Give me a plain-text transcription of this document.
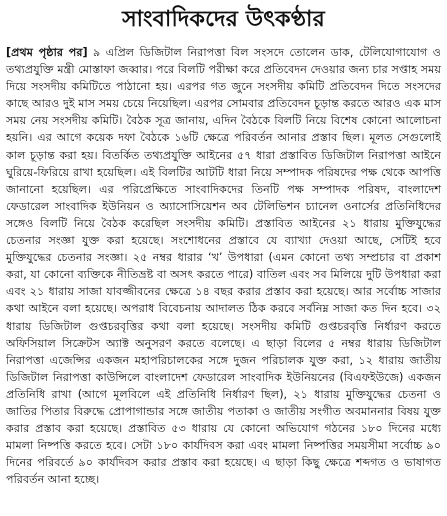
সাংবাদিকদের উৎকণ্ঠার

[প্রথম পৃষ্ঠার পর] ৯ এপ্রিল ডিজিটাল নিরাপত্তা বিল সংসদে তোলেন ডাক, টেলিযোগাযোগ ও তথ্যপ্রযুক্তি মন্ত্রী মোস্তাফা জব্বার। পরে বিলটি পরীক্ষা করে প্রতিবেদন দেওয়ার জন্য চার সপ্তাহ সময় দিয়ে সংসদীয় কমিটিতে পাঠানো হয়। এরপর গত জুনে সংসদীয় কমিটি প্রতিবেদন দিতে সংসদের কাছে আরও দুই মাস সময় চেয়ে নিয়েছিল। এরপর সোমবার প্রতিবেদন চূড়ান্ত করতে আরও এক মাস সময় নেয় সংসদীয় কমিটি। বৈঠক সূত্র জানায়, এদিন বৈঠকে বিলটি নিয়ে বিশেষ কোনো আলোচনা হয়নি। এর আগে কয়েক দফা বৈঠকে ১৬টি ক্ষেত্রে পরিবর্তন আনার প্রস্তাব ছিল। মূলত সেগুলোই কাল চূড়ান্ত করা হয়। বিতর্কিত তথ্যপ্রযুক্তি আইনের ৫৭ ধারা প্রস্তাবিত ডিজিটাল নিরাপত্তা আইনে ঘুরিয়ে-ফিরিয়ে রাখা হয়েছিল। এই বিলটির আটটি ধারা নিয়ে সম্পাদক পরিষদের পক্ষ থেকে আপত্তি জানানো হয়েছিল। এর পরিপ্রেক্ষিতে সাংবাদিকদের তিনটি পক্ষ সম্পাদক পরিষদ, বাংলাদেশ ফেডারেল সাংবাদিক ইউনিয়ন ও অ্যাসোসিয়েশন অব টেলিভিশন চ্যানেল ওনার্সের প্রতিনিধিদের সঙ্গেও বিলটি নিয়ে বৈঠক করেছিল সংসদীয় কমিটি। প্রস্তাবিত আইনের ২১ ধারায় মুক্তিযুদ্ধের চেতনার সংজ্ঞা যুক্ত করা হয়েছে। সংশোধনের প্রস্তাবে যে ব্যাখ্যা দেওয়া আছে, সেটিই হবে মুক্তিযুদ্ধের চেতনার সংজ্ঞা। ২৫ নম্বর ধারার ‘খ’ উপধারা (এমন কোনো তথ্য সম্প্রচার বা প্রকাশ করা, যা কোনো ব্যক্তিকে নীতিভ্রষ্ট বা অসৎ করতে পারে) বাতিল এবং সব মিলিয়ে দুটি উপধারা করা এবং ২১ ধারায় সাজা যাবজ্জীবনের ক্ষেত্রে ১৪ বছর করার প্রস্তাব করা হয়েছে। আর সর্বোচ্চ সাজার কথা আইনে বলা হয়েছে। অপরাধ বিবেচনায় আদালত ঠিক করবে সর্বনিম্ন সাজা কত দিন হবে। ৩২ ধারায় ডিজিটাল গুপ্তচরবৃত্তির কথা বলা হয়েছে। সংসদীয় কমিটি গুপ্তচরবৃত্তি নির্ধারণ করতে অফিসিয়াল সিক্রেটস অ্যাক্ট অনুসরণ করতে বলেছে। এ ছাড়া বিলের ৫ নম্বর ধারায় ডিজিটাল নিরাপত্তা এজেন্সির একজন মহাপরিচালকের সঙ্গে দুজন পরিচালক যুক্ত করা, ১২ ধারায় জাতীয় ডিজিটাল নিরাপত্তা কাউন্সিলে বাংলাদেশ ফেডারেল সাংবাদিক ইউনিয়নের (বিএফইউজে) একজন প্রতিনিধি রাখা (আগে মূলবিলে এই প্রতিনিধি নির্ধারণ ছিল), ২১ ধারায় মুক্তিযুদ্ধের চেতনা ও জাতির পিতার বিরুদ্ধে প্রোপাগান্ডার সঙ্গে জাতীয় পতাকা ও জাতীয় সংগীত অবমাননার বিষয় যুক্ত করার প্রস্তাব করা হয়েছে। প্রস্তাবিত ৫৩ ধারায় যে কোনো অভিযোগ গঠনের ১৮০ দিনের মধ্যে মামলা নিষ্পত্তি করতে হবে। সেটা ১৮০ কার্যদিবস করা এবং মামলা নিষ্পত্তির সময়সীমা সর্বোচ্চ ৯০ দিনের পরিবর্তে ৯০ কার্যদিবস করার প্রস্তাব করা হয়েছে। এ ছাড়া কিছু ক্ষেত্রে শব্দগত ও ভাষাগত পরিবর্তন আনা হচ্ছে।
